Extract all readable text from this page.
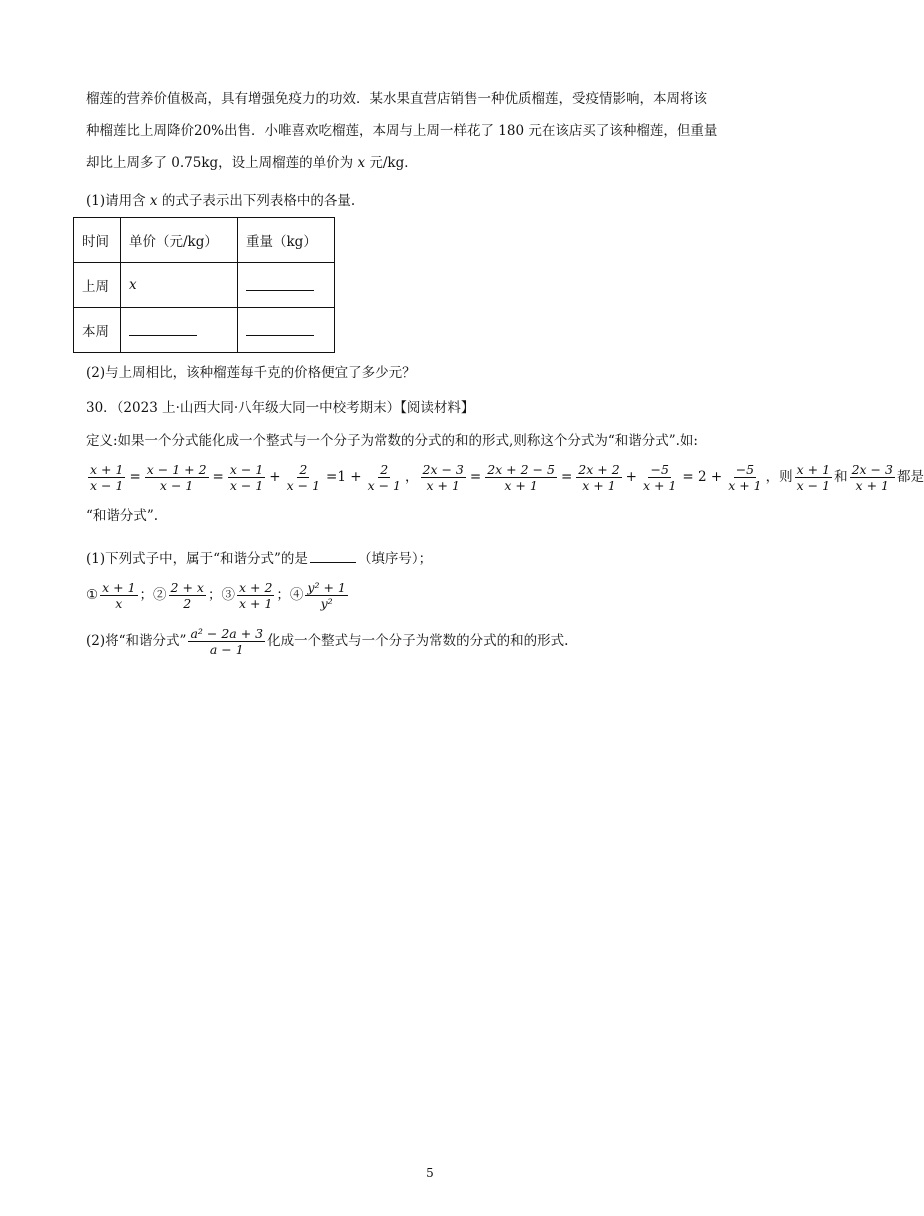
榴莲的营养价值极高，具有增强免疫力的功效．某水果直营店销售一种优质榴莲，受疫情影响，本周将该
种榴莲比上周降价20%出售．小唯喜欢吃榴莲，本周与上周一样花了 180 元在该店买了该种榴莲，但重量
却比上周多了 0.75kg，设上周榴莲的单价为 x 元/kg．
(1)请用含 x 的式子表示出下列表格中的各量.
时间	单价（元/kg）	重量（kg）
上周	x	
本周		
(2)与上周相比，该种榴莲每千克的价格便宜了多少元？
30．（2023 上·山西大同·八年级大同一中校考期末）【阅读材料】
定义:如果一个分式能化成一个整式与一个分子为常数的分式的和的形式,则称这个分式为“和谐分式”.如:
$\frac{x + 1}{x - 1} = \frac{x - 1 + 2}{x - 1} = \frac{x - 1}{x - 1} + \frac{2}{x - 1} =1 + \frac{2}{x - 1}$ ， $\frac{2x - 3}{x + 1} = \frac{2x + 2 - 5}{x + 1} = \frac{2x + 2}{x + 1} + \frac{-5}{x + 1} = 2 + \frac{-5}{x + 1}$ ，则 $\frac{x + 1}{x - 1}$ 和 $\frac{2x - 3}{x + 1}$ 都是
“和谐分式”.
(1)下列式子中，属于“和谐分式”的是	（填序号）；
① $\frac{x + 1}{x}$ ；② $\frac{2 + x}{2}$ ；③ $\frac{x + 2}{x + 1}$ ；④ $\frac{\text{y² + 1}}{\text{y²}}$
(2)将“和谐分式” $\frac{\text{a² − 2a + 3}}{a - 1}$ 化成一个整式与一个分子为常数的分式的和的形式.
5
